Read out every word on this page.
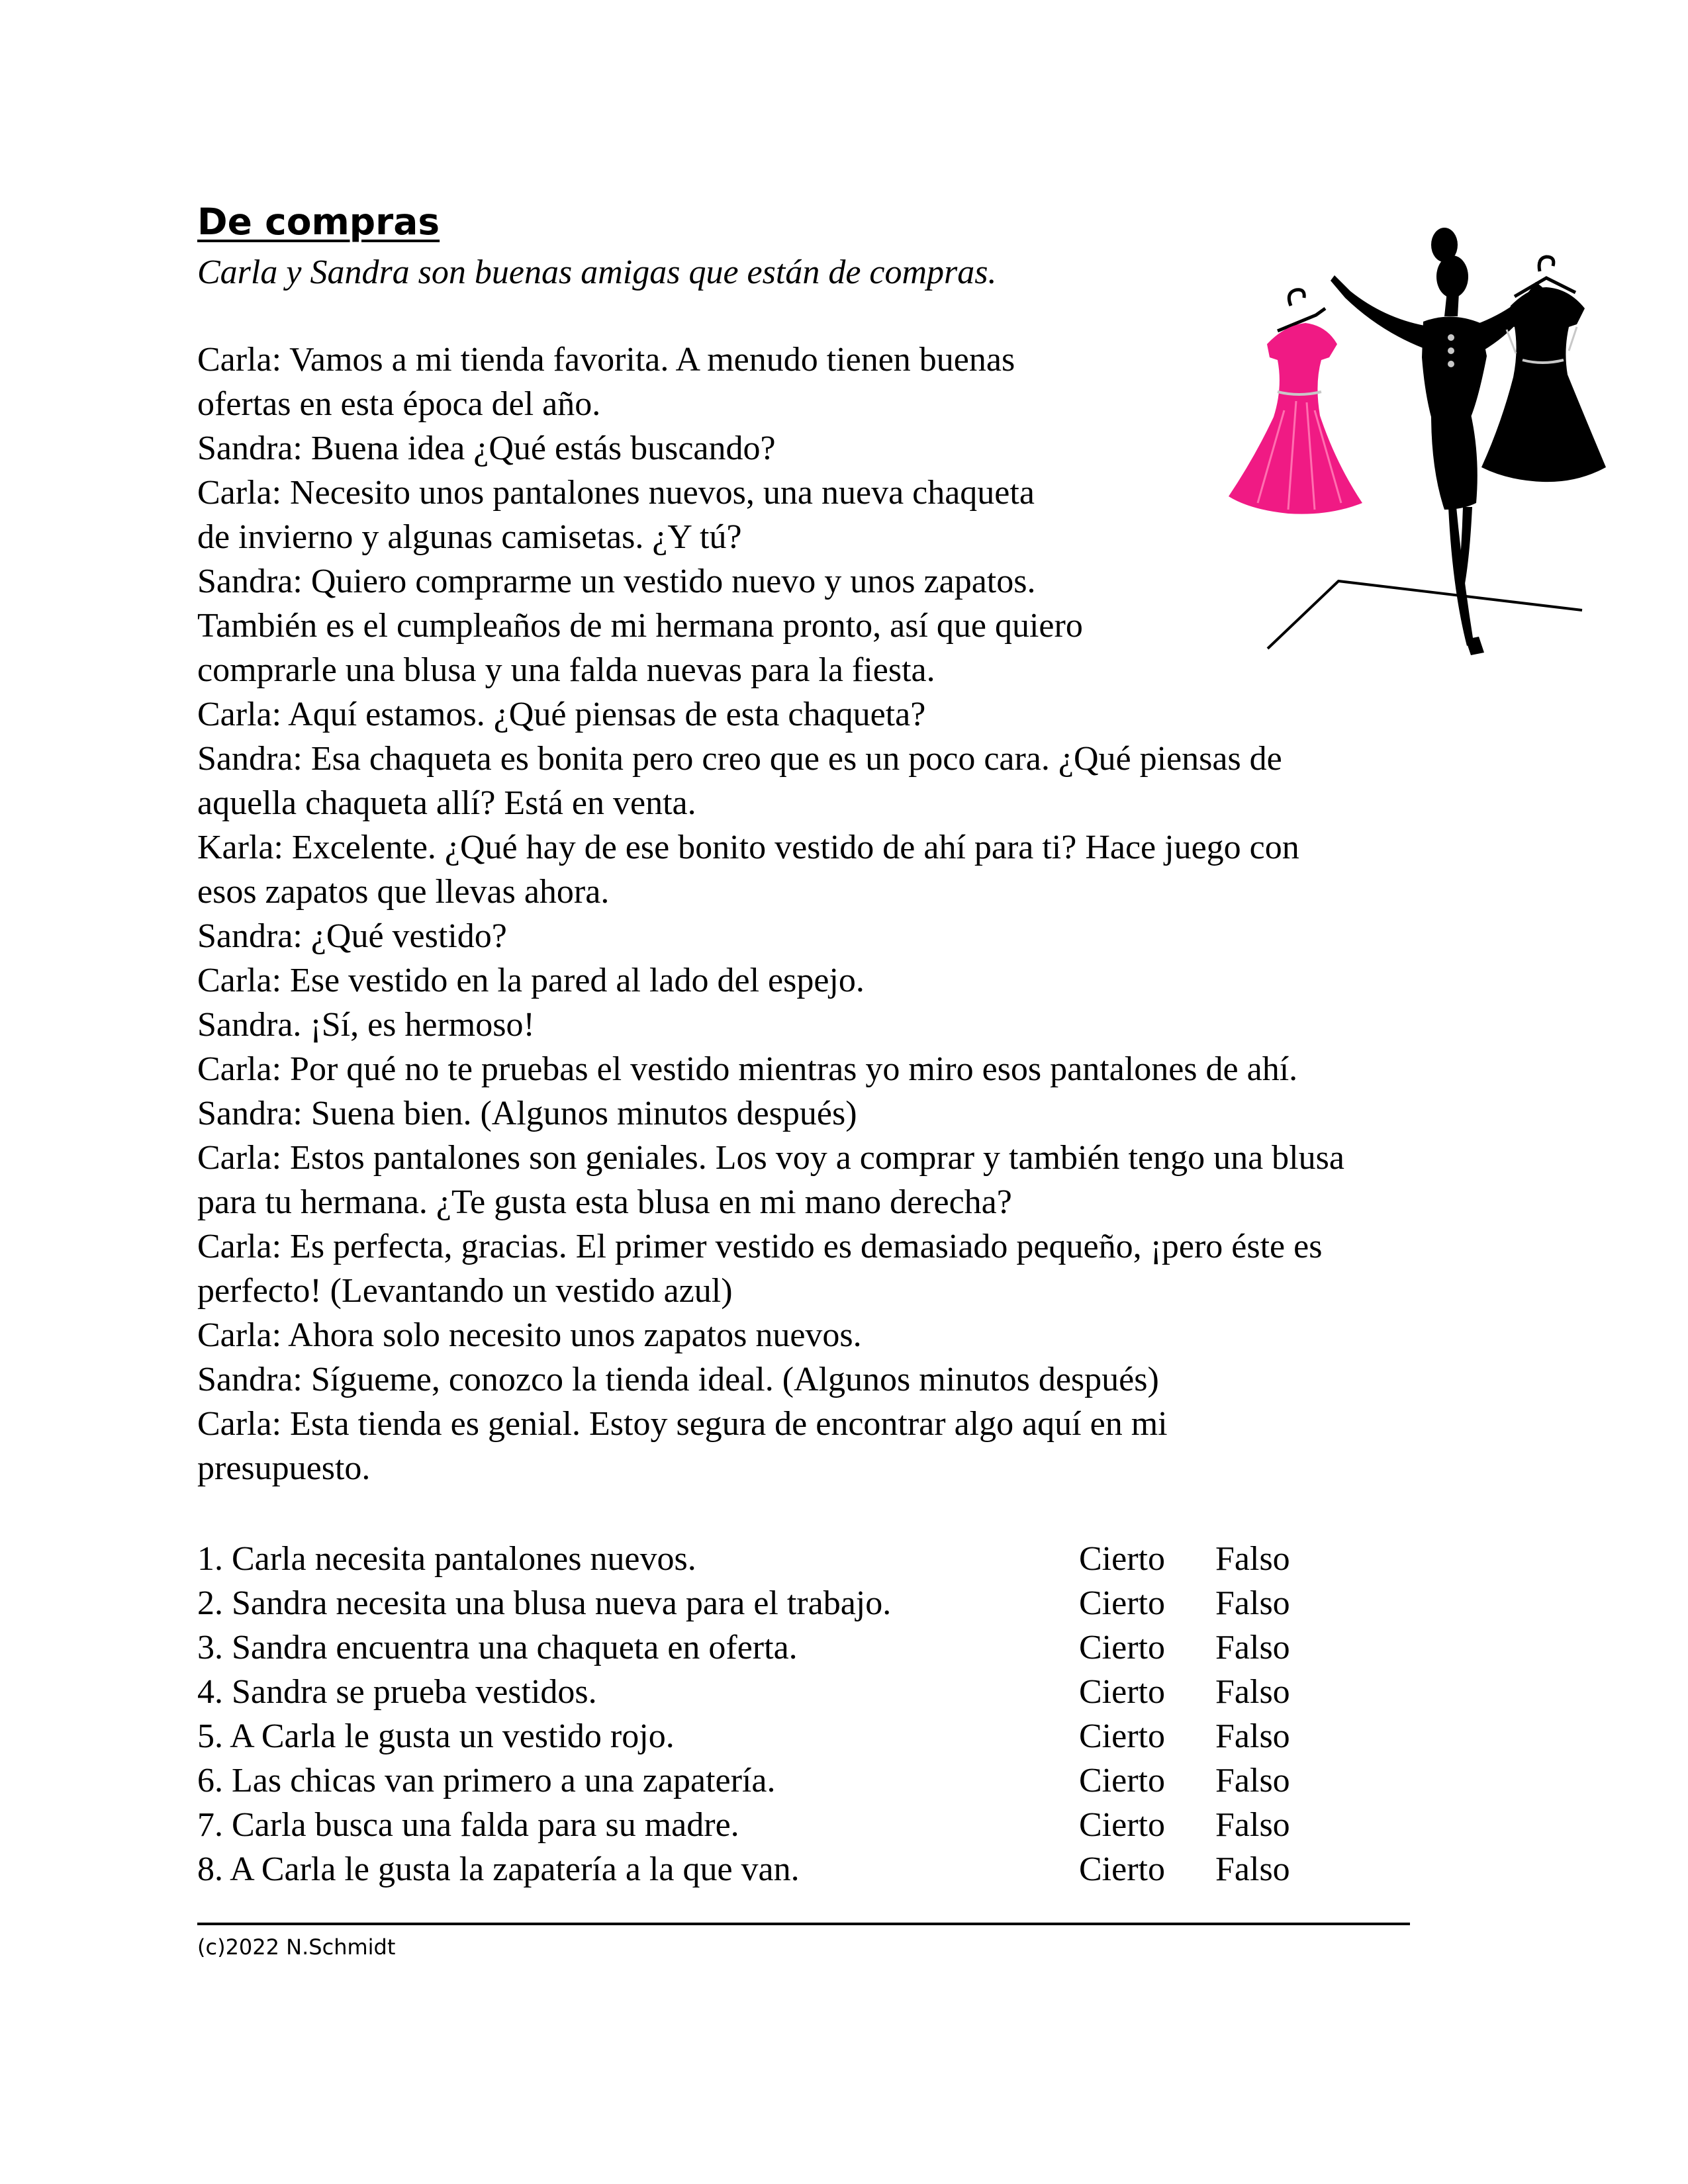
De compras
Carla y Sandra son buenas amigas que están de compras.
Carla: Vamos a mi tienda favorita. A menudo tienen buenas
ofertas en esta época del año.
Sandra: Buena idea ¿Qué estás buscando?
Carla: Necesito unos pantalones nuevos, una nueva chaqueta
de invierno y algunas camisetas. ¿Y tú?
Sandra: Quiero comprarme un vestido nuevo y unos zapatos.
También es el cumpleaños de mi hermana pronto, así que quiero
comprarle una blusa y una falda nuevas para la fiesta.
Carla: Aquí estamos. ¿Qué piensas de esta chaqueta?
Sandra: Esa chaqueta es bonita pero creo que es un poco cara. ¿Qué piensas de
aquella chaqueta allí? Está en venta.
Karla: Excelente. ¿Qué hay de ese bonito vestido de ahí para ti? Hace juego con
esos zapatos que llevas ahora.
Sandra: ¿Qué vestido?
Carla: Ese vestido en la pared al lado del espejo.
Sandra. ¡Sí, es hermoso!
Carla: Por qué no te pruebas el vestido mientras yo miro esos pantalones de ahí.
Sandra: Suena bien. (Algunos minutos después)
Carla: Estos pantalones son geniales. Los voy a comprar y también tengo una blusa
para tu hermana. ¿Te gusta esta blusa en mi mano derecha?
Carla: Es perfecta, gracias. El primer vestido es demasiado pequeño, ¡pero éste es
perfecto! (Levantando un vestido azul)
Carla: Ahora solo necesito unos zapatos nuevos.
Sandra: Sígueme, conozco la tienda ideal. (Algunos minutos después)
Carla: Esta tienda es genial. Estoy segura de encontrar algo aquí en mi
presupuesto.
1. Carla necesita pantalones nuevos.	Cierto Falso
2. Sandra necesita una blusa nueva para el trabajo.	Cierto Falso
3. Sandra encuentra una chaqueta en oferta.	Cierto Falso
4. Sandra se prueba vestidos.	Cierto Falso
5. A Carla le gusta un vestido rojo.	Cierto Falso
6. Las chicas van primero a una zapatería.	Cierto Falso
7. Carla busca una falda para su madre.	Cierto Falso
8. A Carla le gusta la zapatería a la que van.	Cierto Falso
(c)2022 N.Schmidt
